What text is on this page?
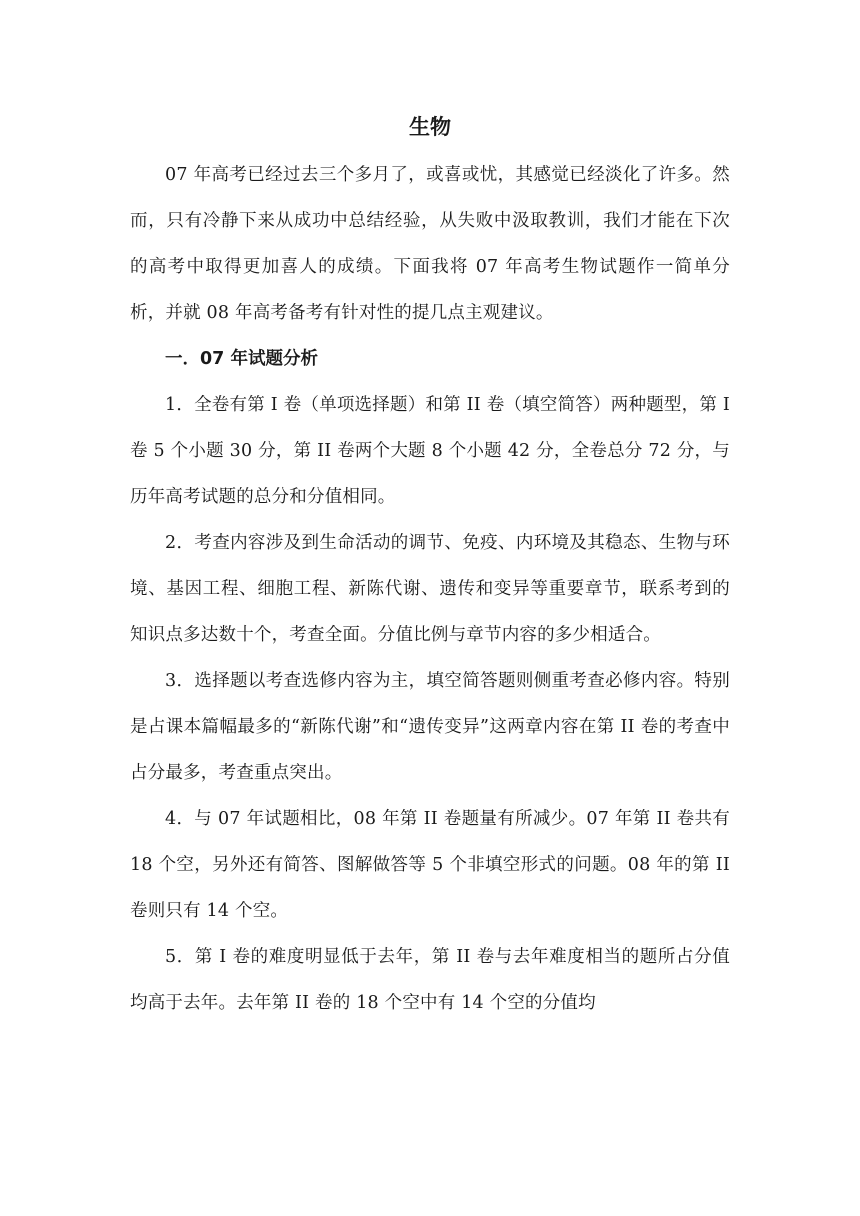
生物

07 年高考已经过去三个多月了，或喜或忧，其感觉已经淡化了许多。然而，只有冷静下来从成功中总结经验，从失败中汲取教训，我们才能在下次的高考中取得更加喜人的成绩。下面我将 07 年高考生物试题作一简单分析，并就 08 年高考备考有针对性的提几点主观建议。

一．07 年试题分析

1．全卷有第 I 卷（单项选择题）和第 II 卷（填空简答）两种题型，第 I 卷 5 个小题 30 分，第 II 卷两个大题 8 个小题 42 分，全卷总分 72 分，与历年高考试题的总分和分值相同。

2．考查内容涉及到生命活动的调节、免疫、内环境及其稳态、生物与环境、基因工程、细胞工程、新陈代谢、遗传和变异等重要章节，联系考到的知识点多达数十个，考查全面。分值比例与章节内容的多少相适合。

3．选择题以考查选修内容为主，填空简答题则侧重考查必修内容。特别是占课本篇幅最多的“新陈代谢”和“遗传变异”这两章内容在第 II 卷的考查中占分最多，考查重点突出。

4．与 07 年试题相比，08 年第 II 卷题量有所减少。07 年第 II 卷共有 18 个空，另外还有简答、图解做答等 5 个非填空形式的问题。08 年的第 II 卷则只有 14 个空。

5．第 I 卷的难度明显低于去年，第 II 卷与去年难度相当的题所占分值均高于去年。去年第 II 卷的 18 个空中有 14 个空的分值均
